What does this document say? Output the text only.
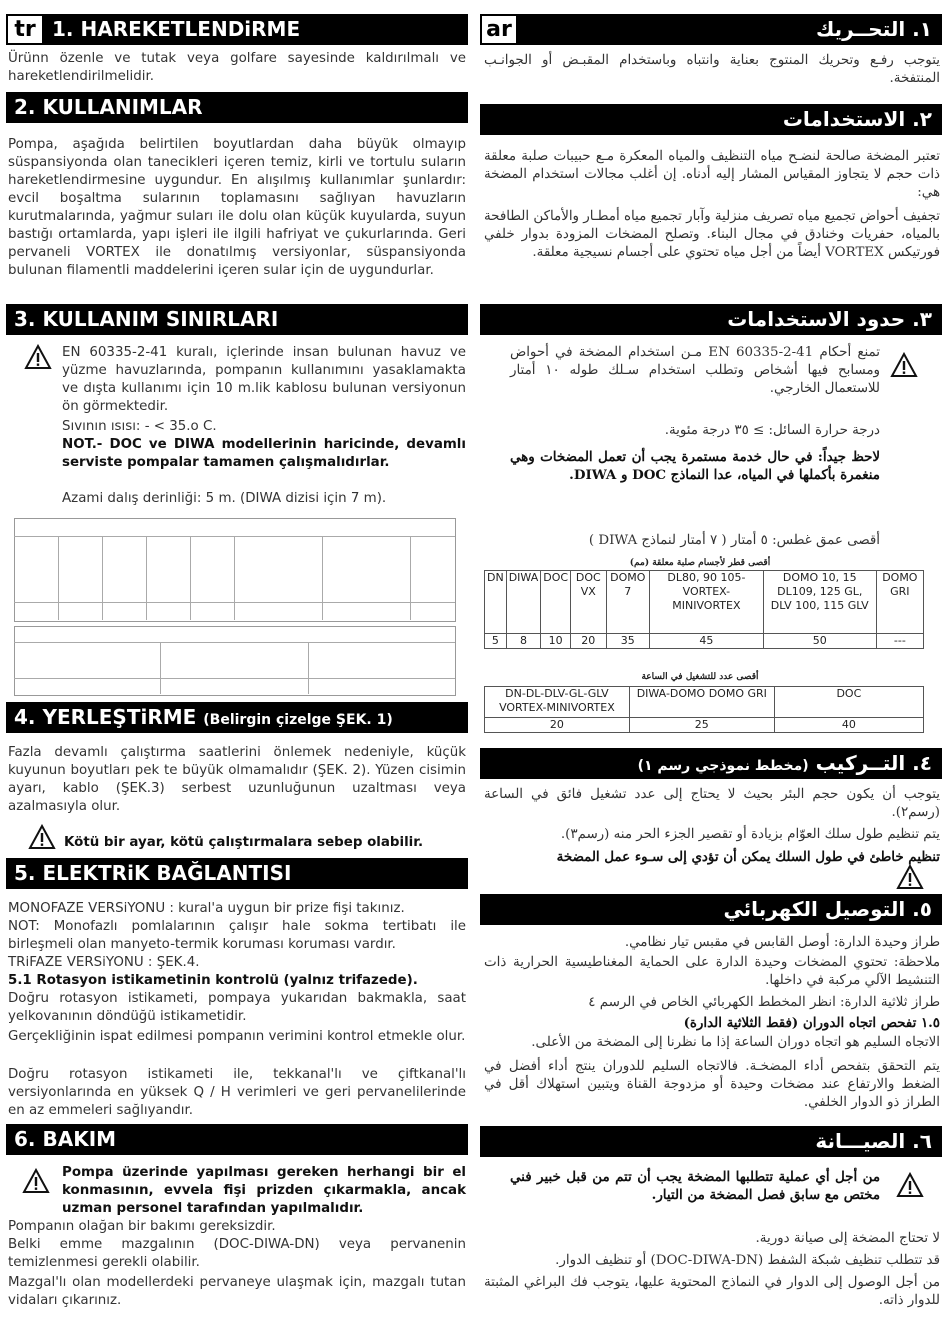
tr 1. HAREKETLENDiRME
Ürünn özenle ve tutak veya golfare sayesinde kaldırılmalı ve hareketlendirilmelidir.
2. KULLANIMLAR
Pompa, aşağıda belirtilen boyutlardan daha büyük olmayıp süspansiyonda olan tanecikleri içeren temiz, kirli ve tortulu suların hareketlendirmesine uygundur. En alışılmış kullanımlar şunlardır: evcil boşaltma sularının toplamasını sağlıyan havuzların kurutmalarında, yağmur suları ile dolu olan küçük kuyularda, suyun bastığı ortamlarda, yapı işleri ile ilgili hafriyat ve çukurlarında. Geri pervaneli VORTEX ile donatılmış versiyonlar, süspansiyonda bulunan filamentli maddelerini içeren sular için de uygundurlar.
3. KULLANIM SINIRLARI
EN 60335-2-41 kuralı, içlerinde insan bulunan havuz ve yüzme havuzlarında, pompanın kullanımını yasaklamakta ve dışta kullanımı için 10 m.lik kablosu bulunan versiyonun ön görmektedir.
Sıvının ısısı: - < 35.o C.
NOT.- DOC ve DIWA modellerinin haricinde, devamlı serviste pompalar tamamen çalışmalıdırlar.
Azami dalış derinliği: 5 m. (DIWA dizisi için 7 m).
4. YERLEŞTiRME (Belirgin çizelge ŞEK. 1)
Fazla devamlı çalıştırma saatlerini önlemek nedeniyle, küçük kuyunun boyutları pek te büyük olmamalıdır (ŞEK. 2). Yüzen cisimin ayarı, kablo (ŞEK.3) serbest uzunluğunun uzaltması veya azalmasıyla olur.
Kötü bir ayar, kötü çalıştırmalara sebep olabilir.
5. ELEKTRiK BAĞLANTISI
MONOFAZE VERSiYONU : kural'a uygun bir prize fişi takınız.
NOT: Monofazlı pomlalarının çalışır hale sokma tertibatı ile birleşmeli olan manyeto-termik koruması koruması vardır.
TRiFAZE VERSiYONU : ŞEK.4.
5.1 Rotasyon istikametinin kontrolü (yalnız trifazede).
Doğru rotasyon istikameti, pompaya yukarıdan bakmakla, saat yelkovanının döndüğü istikametidir.
Gerçekliğinin ispat edilmesi pompanın verimini kontrol etmekle olur.
Doğru rotasyon istikameti ile, tekkanal'lı ve çiftkanal'lı versiyonlarında en yüksek Q / H verimleri ve geri pervanelilerinde en az emmeleri sağlıyandır.
6. BAKIM
Pompa üzerinde yapılması gereken herhangi bir el konmasının, evvela fişi prizden çıkarmakla, ancak uzman personel tarafından yapılmalıdır.
Pompanın olağan bir bakımı gereksizdir.
Belki emme mazgalının (DOC-DIWA-DN) veya pervanenin temizlenmesi gerekli olabilir.
Mazgal'lı olan modellerdeki pervaneye ulaşmak için, mazgalı tutan vidaları çıkarınız.
ar	١. التحــريك
يتوجب رفـع وتحريك المنتوج بعناية وانتباه وباستخدام المقبـض أو الجوانـب المنتفخة.
٢. الاستخدامات
تعتبر المضخة صالحة لنضـح مياه التنظيف والمياه المعكرة مـع حبيبات صلبة معلقة ذات حجم لا يتجاوز المقياس المشار إليه أدناه. إن أغلب مجالات استخدام المضخة هي:
تجفيف أحواض تجميع مياه تصريف منزلية وآبار تجميع مياه أمطـار والأماكن الطافحة بالمياه، حفريات وخنادق في مجال البناء. وتصلح المضخات المزودة بدوار خلفي فورتيكس VORTEX أيضاً من أجل مياه تحتوي على أجسام نسيجية معلقة.
٣. حدود الاستخدامات
تمنع أحكام EN 60335-2-41 مـن استخدام المضخة في أحواض ومسابح فيها أشخاص وتطلب استخدام سـلك طوله ١٠ أمتار للاستعمال الخارجي.
درجة حرارة السائل: ≥ ٣٥ درجة مئوية.
لاحظ جيداً: في حال خدمة مستمرة يجب أن تعمل المضخات وهي منغمرة بأكملها في المياه، عدا النماذج DOC و DIWA.
أقصى عمق غطس: ٥ أمتار ( ٧ أمتار لنماذج DIWA )
أقصى قطر لأجسام صلبة معلقة (مم)
DN	DIWA	DOC	DOC VX	DOMO 7	DL80, 90 105- VORTEX- MINIVORTEX	DOMO 10, 15 DL109, 125 GL, DLV 100, 115 GLV	DOMO GRI
5	8	10	20	35	45	50	---
أقصى عدد للتشغيل في الساعة
DN-DL-DLV-GL-GLV VORTEX-MINIVORTEX	DIWA-DOMO DOMO GRI	DOC
20	25	40
٤. التــركيب (مخطط نموذجي رسم ١)
يتوجب أن يكون حجم البئر بحيث لا يحتاج إلى عدد تشغيل فائق في الساعة (رسم٢).
يتم تنظيم طول سلك العوّام بزيادة أو تقصير الجزء الحر منه (رسم٣).
تنظيم خاطئ في طول السلك يمكن أن تؤدي إلى سـوء عمل المضخة
٥. التوصيل الكهربائي
طراز وحيدة الدارة: أوصل القابس في مقبس تيار نظامي.
ملاحظة: تحتوي المضخات وحيدة الدارة على الحماية المغناطيسية الحرارية ذات التنشيط الآلي مركبة في داخلها.
طراز ثلاثية الدارة: انظر المخطط الكهربائي الخاص في الرسم ٤
١.٥ تفحص اتجاه الدوران (فقط الثلاثية الدارة)
الاتجاه السليم هو اتجاه دوران الساعة إذا ما نظرنا إلى المضخة من الأعلى.
يتم التحقق بتفحص أداء المضخـة. فالاتجاه السليم للدوران ينتج أداء أفضل في الضغط والارتفاع عند مضخات وحيدة أو مزدوجة القناة ويتبين استهلاك أقل في الطراز ذو الدوار الخلفي.
٦. الصيـــانة
من أجل أي عملية تتطلبها المضخة يجب أن تتم من قبل خبير فني مختص مع سابق فصل المضخة من التيار.
لا تحتاج المضخة إلى صيانة دورية.
قد تتطلب تنظيف شبكة الشفط (DOC-DIWA-DN) أو تنظيف الدوار.
من أجل الوصول إلى الدوار في النماذج المحتوية عليها، يتوجب فك البراغي المثبتة للدوار ذاته.
